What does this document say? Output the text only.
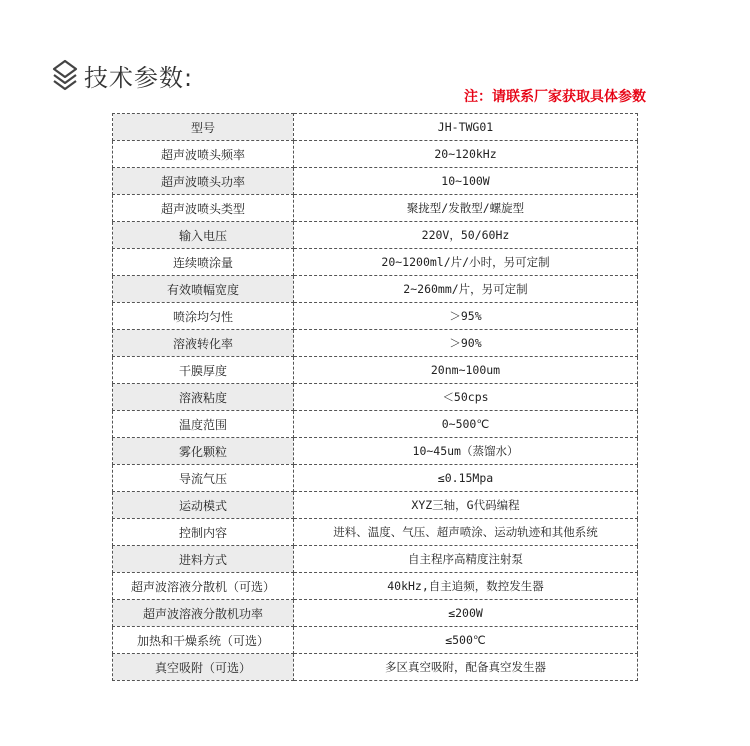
技术参数:
注：请联系厂家获取具体参数
型号	JH-TWG01
超声波喷头频率	20~120kHz
超声波喷头功率	10~100W
超声波喷头类型	聚拢型/发散型/螺旋型
输入电压	220V，50/60Hz
连续喷涂量	20~1200ml/片/小时，另可定制
有效喷幅宽度	2~260mm/片，另可定制
喷涂均匀性	＞95%
溶液转化率	＞90%
干膜厚度	20nm~100um
溶液粘度	＜50cps
温度范围	0~500℃
雾化颗粒	10~45um（蒸馏水）
导流气压	≤0.15Mpa
运动模式	XYZ三轴，G代码编程
控制内容	进料、温度、气压、超声喷涂、运动轨迹和其他系统
进料方式	自主程序高精度注射泵
超声波溶液分散机（可选）	40kHz,自主追频，数控发生器
超声波溶液分散机功率	≤200W
加热和干燥系统（可选）	≤500℃
真空吸附（可选）	多区真空吸附，配备真空发生器
